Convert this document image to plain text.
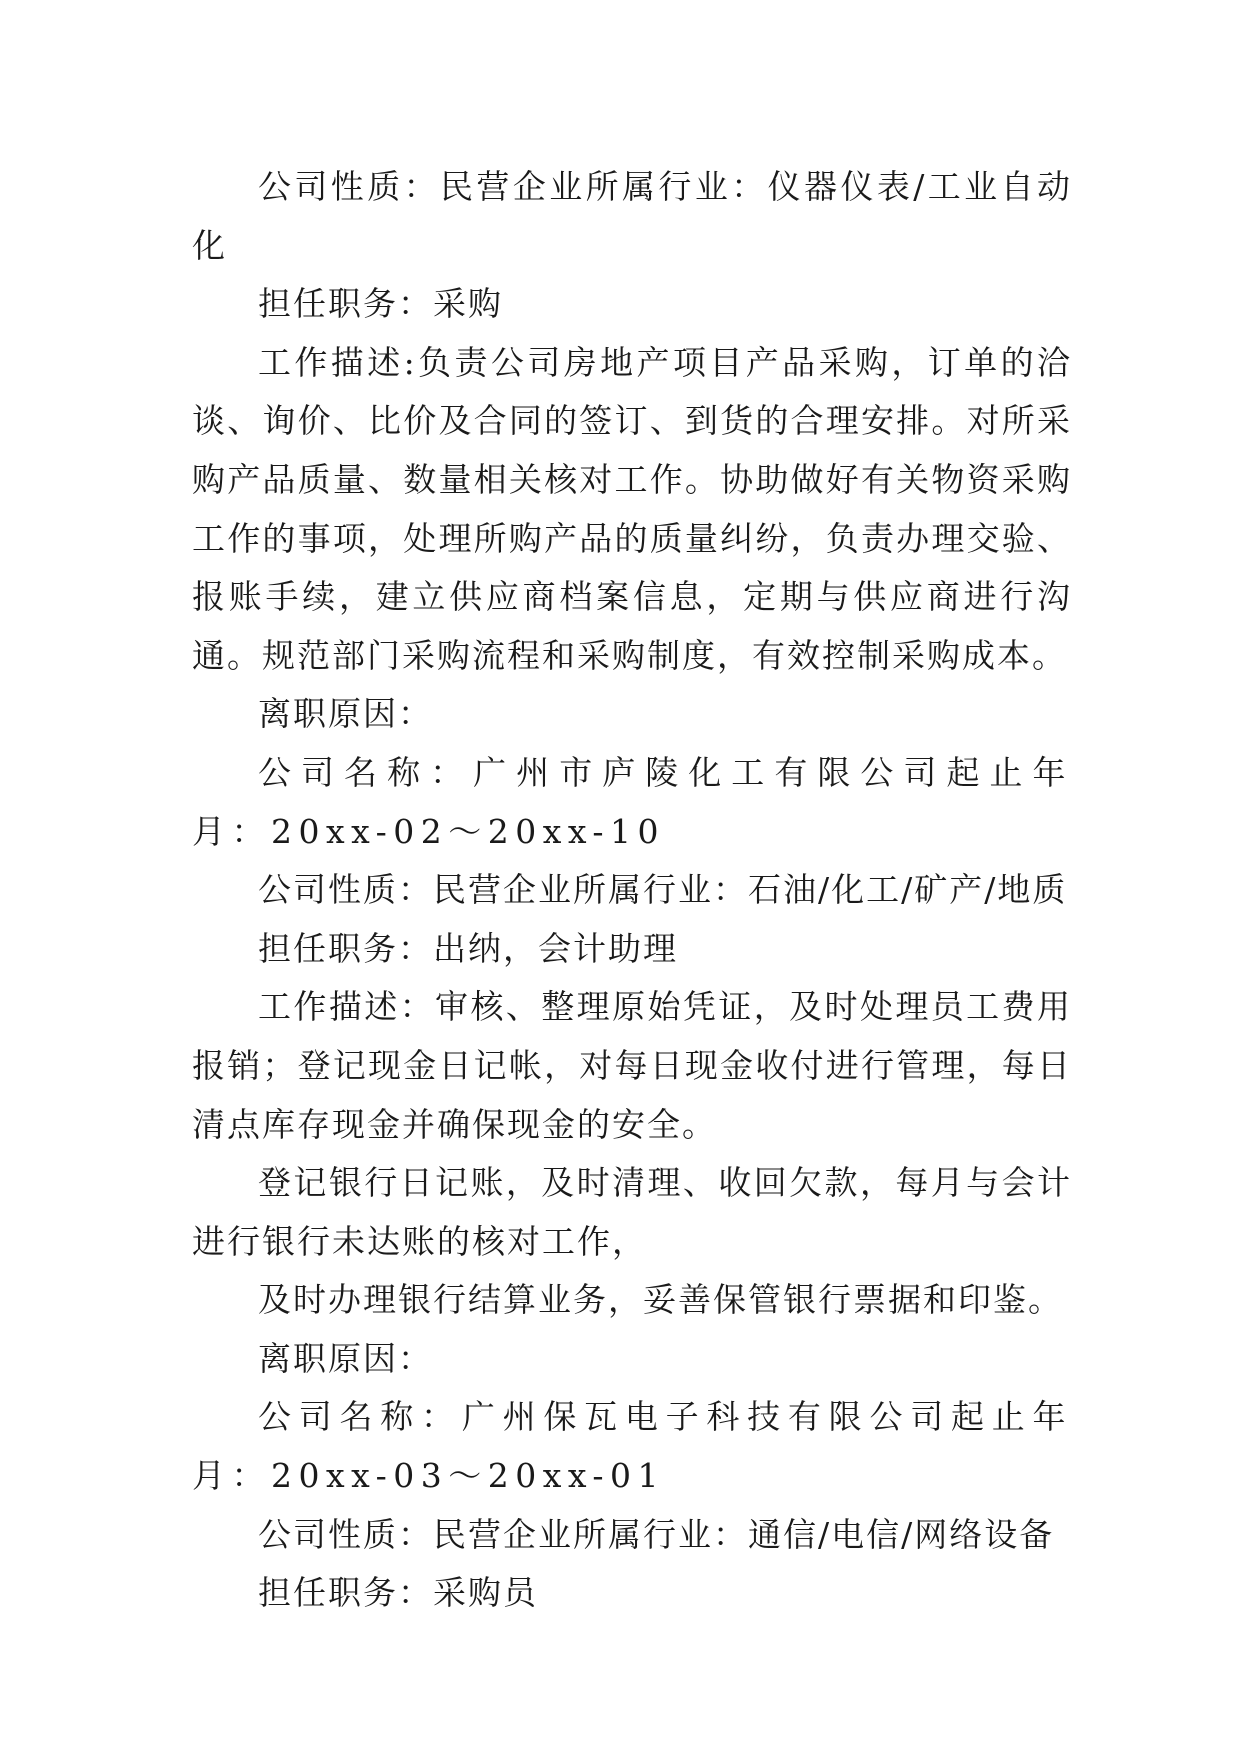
公司性质：民营企业所属行业：仪器仪表/工业自动化

担任职务：采购

工作描述:负责公司房地产项目产品采购，订单的洽谈、询价、比价及合同的签订、到货的合理安排。对所采购产品质量、数量相关核对工作。协助做好有关物资采购工作的事项，处理所购产品的质量纠纷，负责办理交验、报账手续，建立供应商档案信息，定期与供应商进行沟通。规范部门采购流程和采购制度，有效控制采购成本。

离职原因：

公司名称：广州市庐陵化工有限公司起止年月：20xx-02～20xx-10

公司性质：民营企业所属行业：石油/化工/矿产/地质

担任职务：出纳，会计助理

工作描述：审核、整理原始凭证，及时处理员工费用报销；登记现金日记帐，对每日现金收付进行管理，每日清点库存现金并确保现金的安全。

登记银行日记账，及时清理、收回欠款，每月与会计进行银行未达账的核对工作，

及时办理银行结算业务，妥善保管银行票据和印鉴。

离职原因：

公司名称：广州保瓦电子科技有限公司起止年月：20xx-03～20xx-01

公司性质：民营企业所属行业：通信/电信/网络设备

担任职务：采购员
